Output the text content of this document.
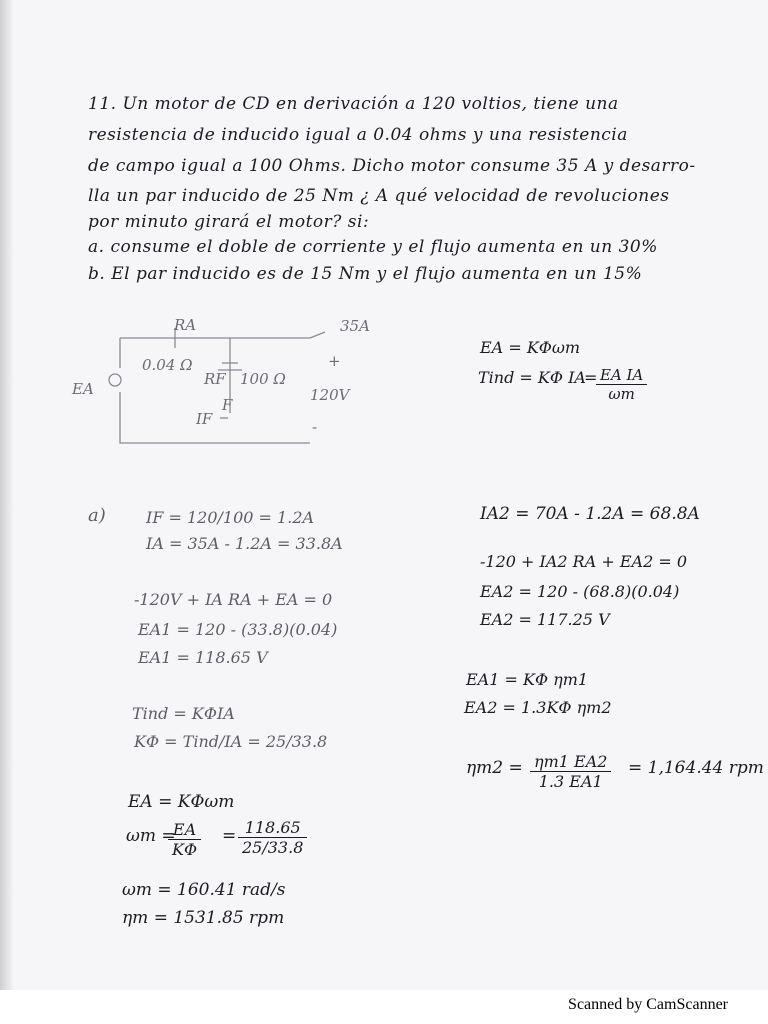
11. Un motor de CD en derivación a 120 voltios, tiene una
resistencia de inducido igual a 0.04 ohms y una resistencia
de campo igual a 100 Ohms. Dicho motor consume 35 A y desarro-
lla un par inducido de 25 Nm ¿ A qué velocidad de revoluciones
por minuto girará el motor? si:
a. consume el doble de corriente y el flujo aumenta en un 30%
b. El par inducido es de 15 Nm y el flujo aumenta en un 15%
RA
0.04 Ω
RF 100 Ω
35A
+
120V
-
EA
IF
F
EA = KΦωm
Tind = KΦ IA
=
$\frac{\text{EA IA}}{\omega m}$
a)	IF = 120/100 = 1.2A
IA = 35A - 1.2A = 33.8A
-120V + IA RA + EA = 0
EA1 = 120 - (33.8)(0.04)
EA1 = 118.65 V
Tind = KΦIA
KΦ = Tind/IA = 25/33.8
EA = KΦωm
ωm =
$\frac{EA}{K\Phi} = \frac{118.65}{25/33.8}$
ωm = 160.41 rad/s
ηm = 1531.85 rpm
IA2 = 70A - 1.2A = 68.8A
-120 + IA2 RA + EA2 = 0
EA2 = 120 - (68.8)(0.04)
EA2 = 117.25 V
EA1 = KΦ ηm1
EA2 = 1.3KΦ ηm2
$\eta m2 = \frac{\eta m1 EA2}{1.3 EA1} = 1,164.44$ rpm
Scanned by CamScanner
